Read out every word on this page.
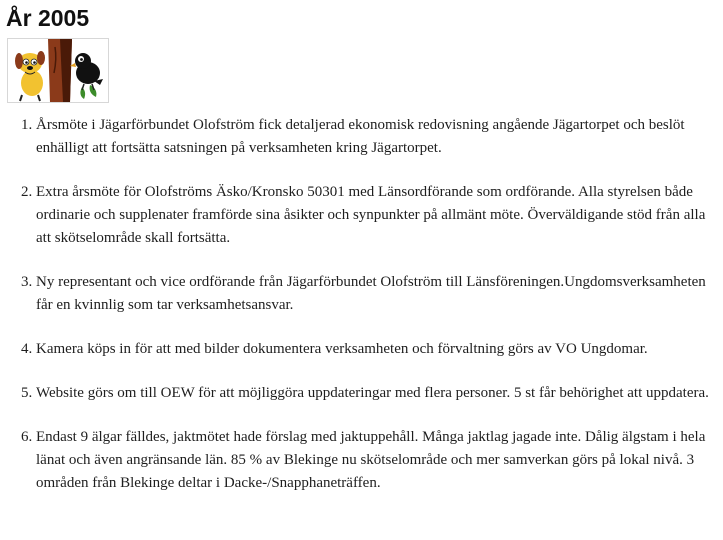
År 2005
1. Årsmöte i Jägarförbundet Olofström fick detaljerad ekonomisk redovisning angående Jägartorpet och beslöt enhälligt att fortsätta satsningen på verksamheten kring Jägartorpet.
2. Extra årsmöte för Olofströms Äsko/Kronsko 50301 med Länsordförande som ordförande. Alla styrelsen både ordinarie och supplenater framförde sina åsikter och synpunkter på allmänt möte. Överväldigande stöd från alla att skötselområde skall fortsätta.
3. Ny representant och vice ordförande från Jägarförbundet Olofström till Länsföreningen.Ungdomsverksamheten får en kvinnlig som tar verksamhetsansvar.
4. Kamera köps in för att med bilder dokumentera verksamheten och förvaltning görs av VO Ungdomar.
5. Website görs om till OEW för att möjliggöra uppdateringar med flera personer. 5 st får behörighet att uppdatera.
6. Endast 9 älgar fälldes, jaktmötet hade förslag med jaktuppehåll. Många jaktlag jagade inte. Dålig älgstam i hela länat och även angränsande län. 85 % av Blekinge nu skötselområde och mer samverkan görs på lokal nivå. 3 områden från Blekinge deltar i Dacke-/Snapphaneträffen.
